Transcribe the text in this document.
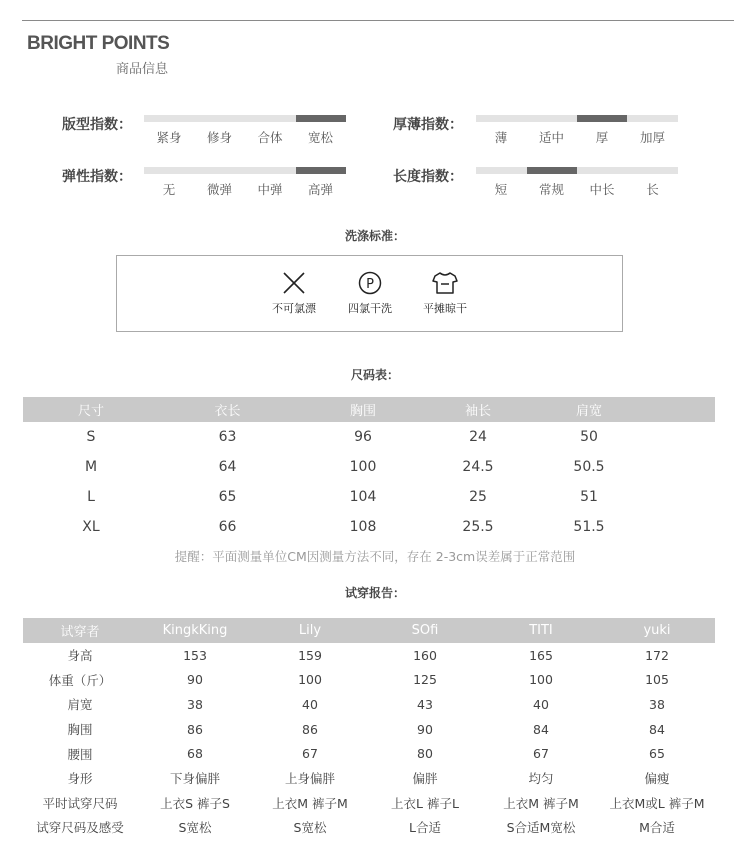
BRIGHT POINTS
商品信息
版型指数：
紧身	修身	合体	宽松
厚薄指数：
薄	适中	厚	加厚
弹性指数：
无	微弹	中弹	高弹
长度指数：
短	常规	中长	长
洗涤标准：
不可氯漂
P
四氯干洗	平摊晾干
尺码表：
尺寸	衣长	胸围	袖长	肩宽	
S	63	96	24	50	
M	64	100	24.5	50.5	
L	65	104	25	51	
XL	66	108	25.5	51.5	
提醒：平面测量单位CM因测量方法不同，存在 2-3cm误差属于正常范围
试穿报告：
试穿者	KingkKing	Lily	SOfi	TITI	yuki
身高	153	159	160	165	172
体重（斤）	90	100	125	100	105
肩宽	38	40	43	40	38
胸围	86	86	90	84	84
腰围	68	67	80	67	65
身形	下身偏胖	上身偏胖	偏胖	均匀	偏瘦
平时试穿尺码	上衣S 裤子S	上衣M 裤子M	上衣L 裤子L	上衣M 裤子M	上衣M或L 裤子M
试穿尺码及感受	S宽松	S宽松	L合适	S合适M宽松	M合适
